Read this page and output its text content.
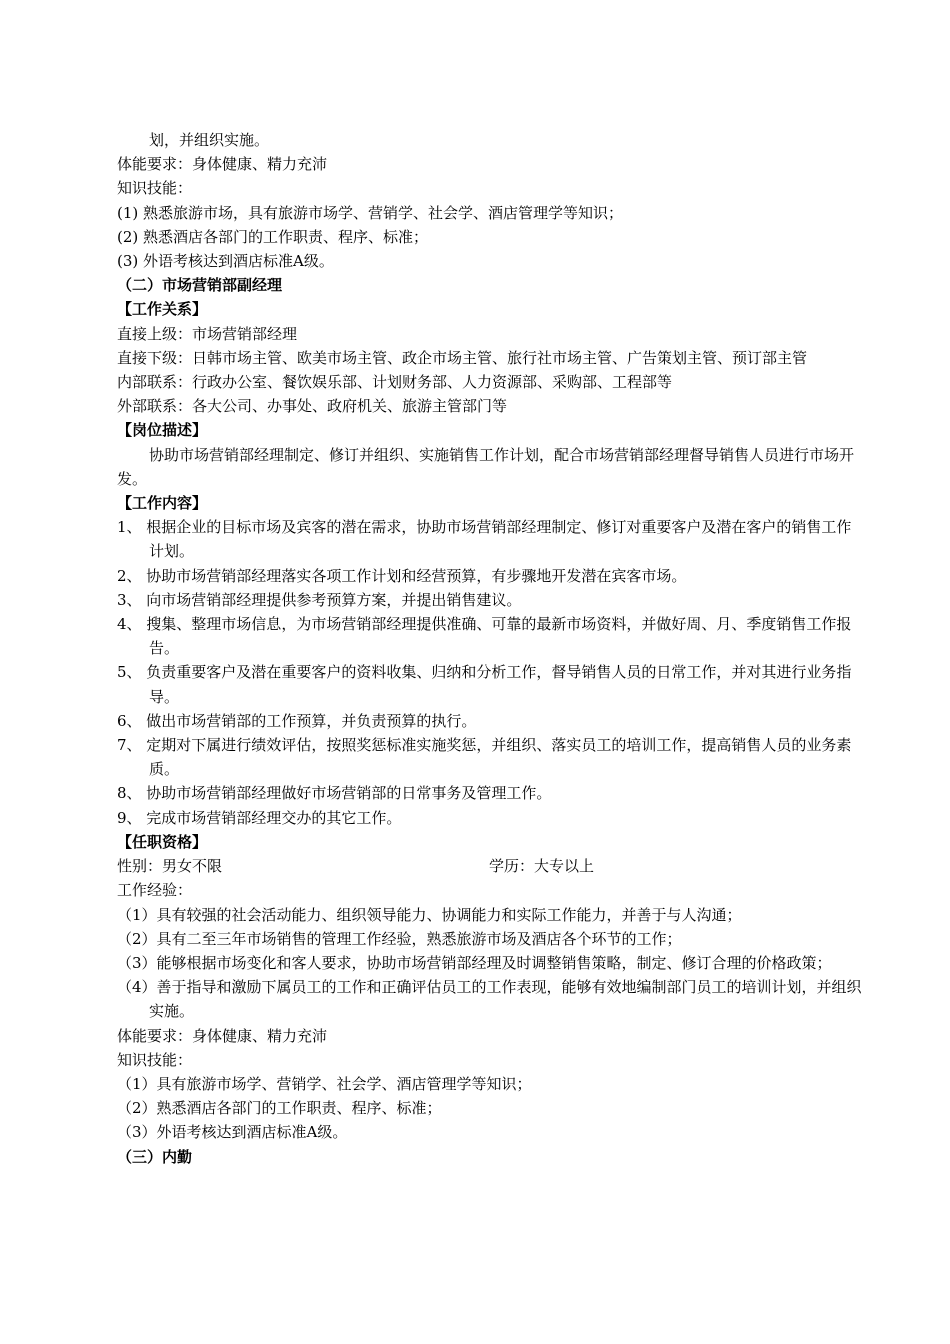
划，并组织实施。

体能要求：身体健康、精力充沛

知识技能：

(1) 熟悉旅游市场，具有旅游市场学、营销学、社会学、酒店管理学等知识；

(2) 熟悉酒店各部门的工作职责、程序、标准；

(3) 外语考核达到酒店标准A级。

（二）市场营销部副经理

【工作关系】

直接上级：市场营销部经理

直接下级：日韩市场主管、欧美市场主管、政企市场主管、旅行社市场主管、广告策划主管、预订部主管

内部联系：行政办公室、餐饮娱乐部、计划财务部、人力资源部、采购部、工程部等

外部联系：各大公司、办事处、政府机关、旅游主管部门等

【岗位描述】

协助市场营销部经理制定、修订并组织、实施销售工作计划，配合市场营销部经理督导销售人员进行市场开发。

【工作内容】

1、 根据企业的目标市场及宾客的潜在需求，协助市场营销部经理制定、修订对重要客户及潜在客户的销售工作计划。

2、 协助市场营销部经理落实各项工作计划和经营预算，有步骤地开发潜在宾客市场。

3、 向市场营销部经理提供参考预算方案，并提出销售建议。

4、 搜集、整理市场信息，为市场营销部经理提供准确、可靠的最新市场资料，并做好周、月、季度销售工作报告。

5、 负责重要客户及潜在重要客户的资料收集、归纳和分析工作，督导销售人员的日常工作，并对其进行业务指导。

6、 做出市场营销部的工作预算，并负责预算的执行。

7、 定期对下属进行绩效评估，按照奖惩标准实施奖惩，并组织、落实员工的培训工作，提高销售人员的业务素质。

8、 协助市场营销部经理做好市场营销部的日常事务及管理工作。

9、 完成市场营销部经理交办的其它工作。

【任职资格】

性别：男女不限	学历：大专以上

工作经验：

（1）具有较强的社会活动能力、组织领导能力、协调能力和实际工作能力，并善于与人沟通；

（2）具有二至三年市场销售的管理工作经验，熟悉旅游市场及酒店各个环节的工作；

（3）能够根据市场变化和客人要求，协助市场营销部经理及时调整销售策略，制定、修订合理的价格政策；

（4）善于指导和激励下属员工的工作和正确评估员工的工作表现，能够有效地编制部门员工的培训计划，并组织实施。

体能要求：身体健康、精力充沛

知识技能：

（1）具有旅游市场学、营销学、社会学、酒店管理学等知识；

（2）熟悉酒店各部门的工作职责、程序、标准；

（3）外语考核达到酒店标准A级。

（三）内勤
